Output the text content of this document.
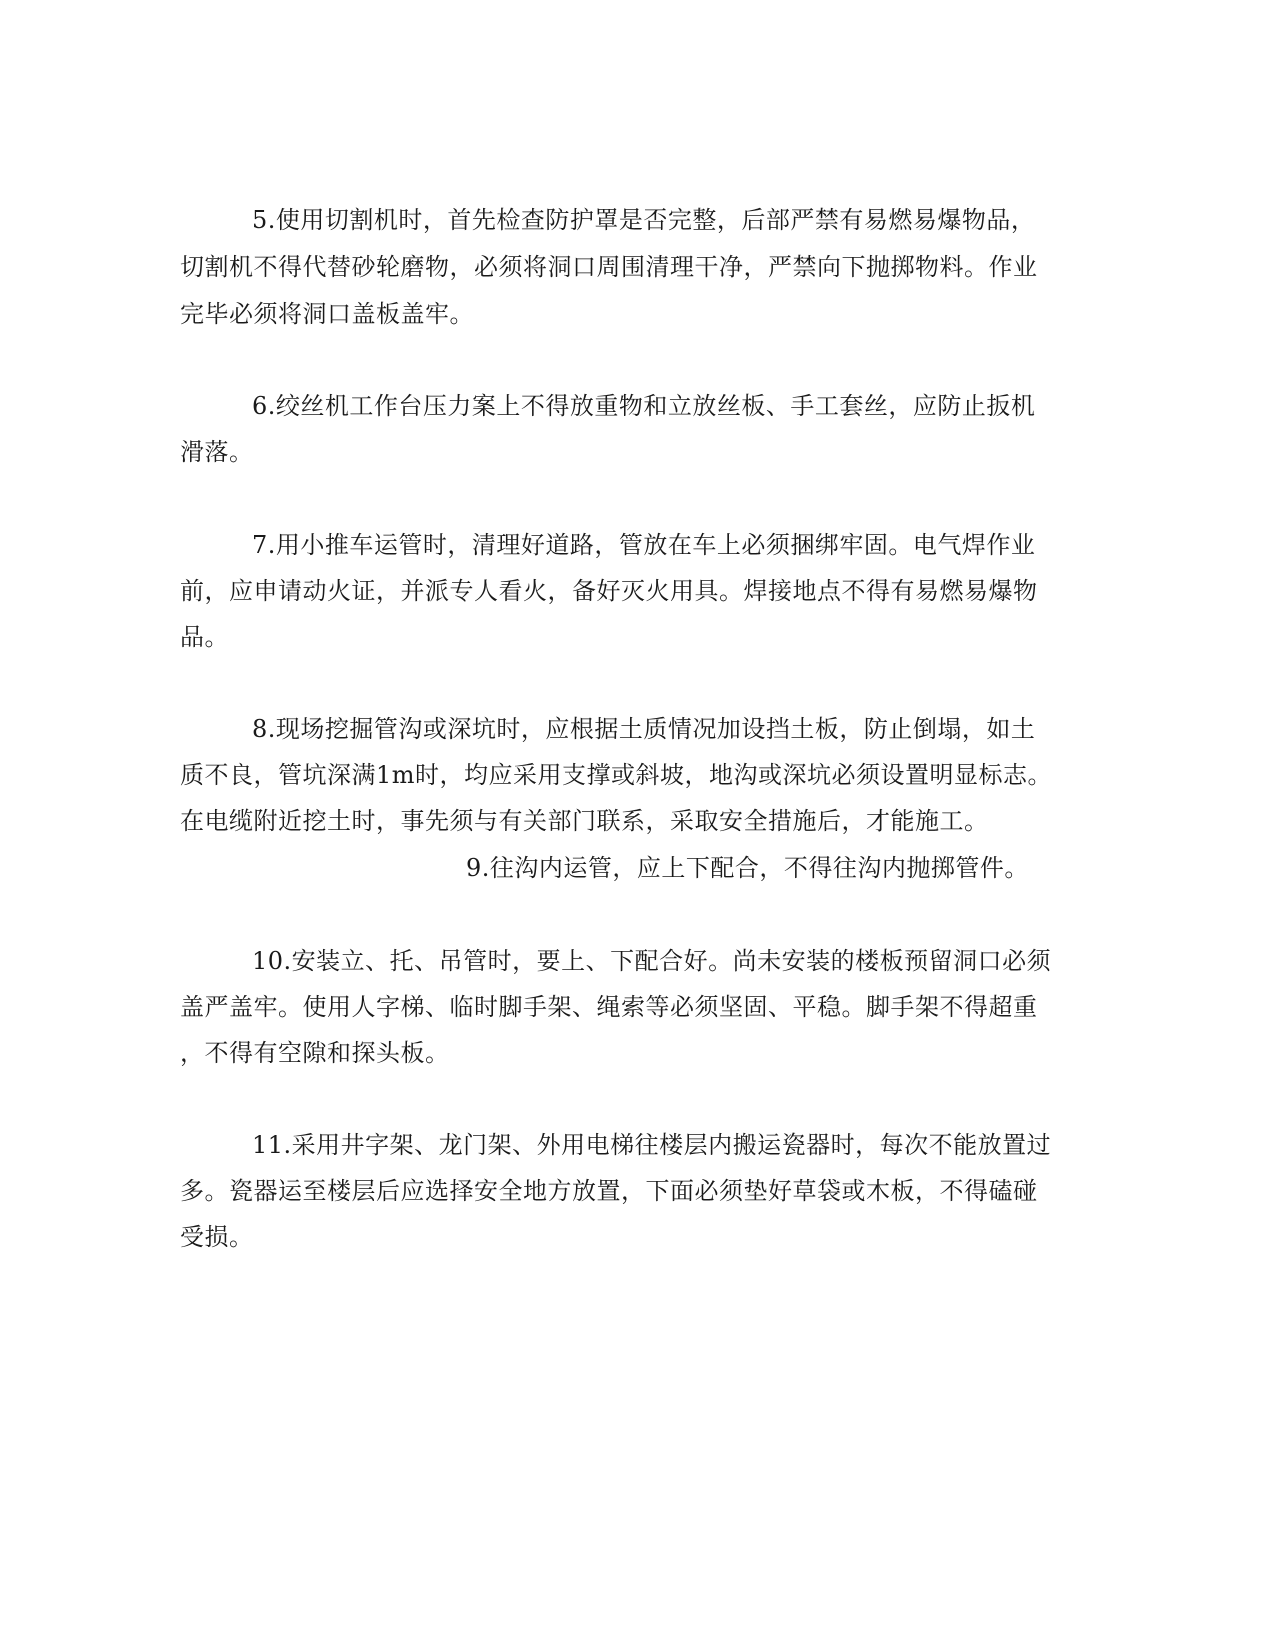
5.使用切割机时，首先检查防护罩是否完整，后部严禁有易燃易爆物品，
切割机不得代替砂轮磨物，必须将洞口周围清理干净，严禁向下抛掷物料。作业
完毕必须将洞口盖板盖牢。
6.绞丝机工作台压力案上不得放重物和立放丝板、手工套丝，应防止扳机
滑落。
7.用小推车运管时，清理好道路，管放在车上必须捆绑牢固。电气焊作业
前，应申请动火证，并派专人看火，备好灭火用具。焊接地点不得有易燃易爆物
品。
8.现场挖掘管沟或深坑时，应根据土质情况加设挡土板，防止倒塌，如土
质不良，管坑深满1m时，均应采用支撑或斜坡，地沟或深坑必须设置明显标志。
在电缆附近挖土时，事先须与有关部门联系，采取安全措施后，才能施工。
9.往沟内运管，应上下配合，不得往沟内抛掷管件。
10.安装立、托、吊管时，要上、下配合好。尚未安装的楼板预留洞口必须
盖严盖牢。使用人字梯、临时脚手架、绳索等必须坚固、平稳。脚手架不得超重
，不得有空隙和探头板。
11.采用井字架、龙门架、外用电梯往楼层内搬运瓷器时，每次不能放置过
多。瓷器运至楼层后应选择安全地方放置，下面必须垫好草袋或木板，不得磕碰
受损。
